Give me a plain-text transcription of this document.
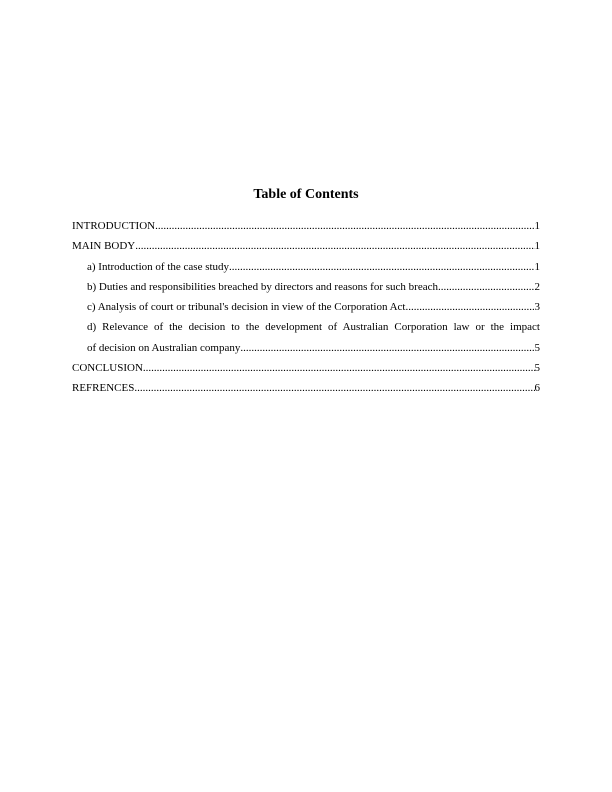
Table of Contents
INTRODUCTION .....	1
MAIN BODY .....	1
a) Introduction of the case study .....	1
b) Duties and responsibilities breached by directors and reasons for such breach .....	2
c) Analysis of court or tribunal's decision in view of the Corporation Act .....	3
d) Relevance of the decision to the development of Australian Corporation law or the impact
of decision on Australian company .....	5
CONCLUSION .....	5
REFRENCES .....	6
